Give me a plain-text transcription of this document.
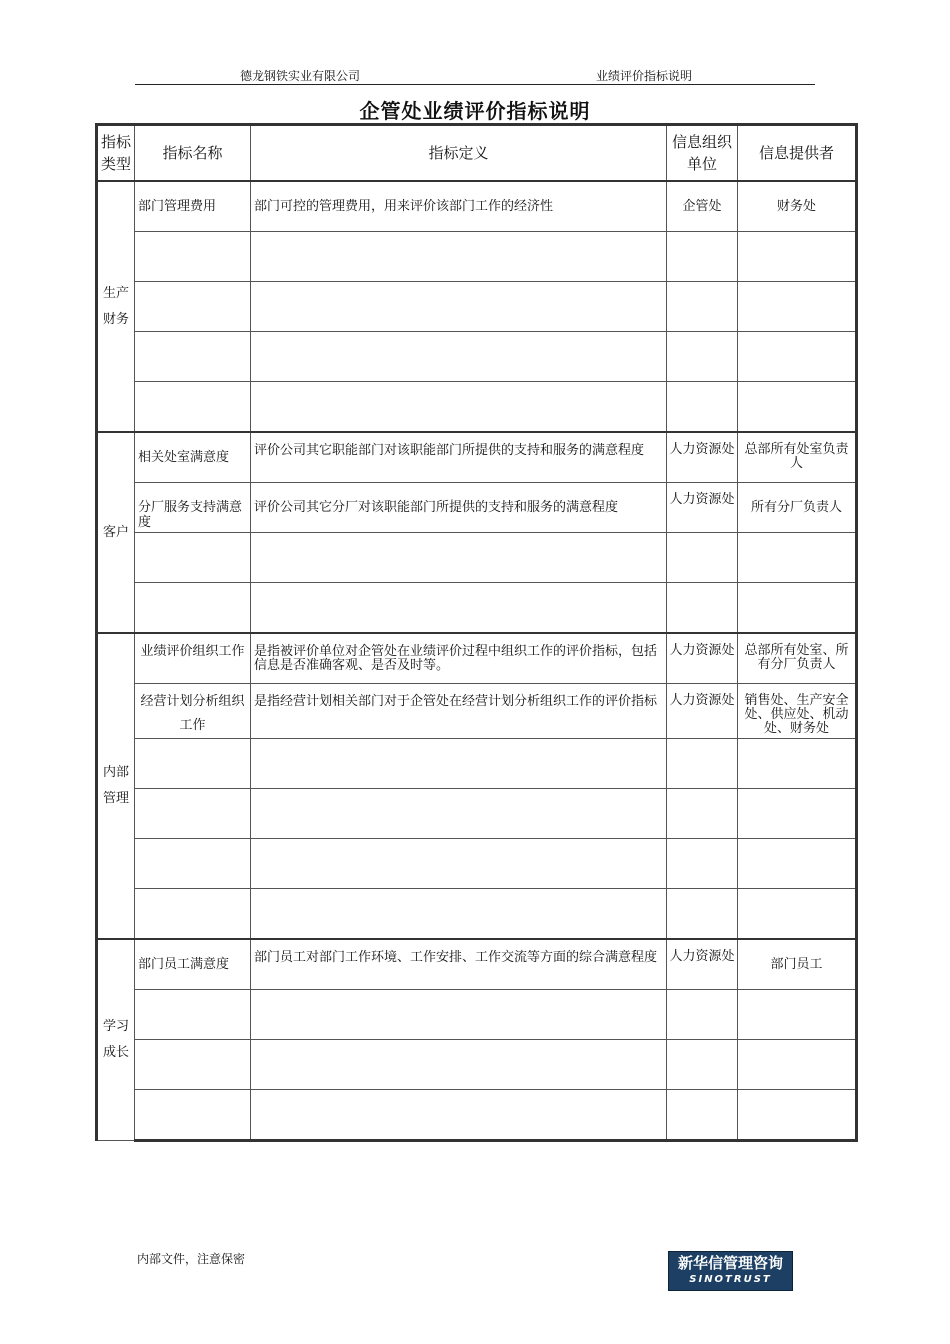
德龙钢铁实业有限公司	业绩评价指标说明
企管处业绩评价指标说明
指标类型	指标名称	指标定义	信息组织单位	信息提供者
生产财务	部门管理费用	部门可控的管理费用，用来评价该部门工作的经济性	企管处	财务处

客户	相关处室满意度	评价公司其它职能部门对该职能部门所提供的支持和服务的满意程度	人力资源处	总部所有处室负责人

	分厂服务支持满意度	评价公司其它分厂对该职能部门所提供的支持和服务的满意程度	人力资源处	所有分厂负责人

内部管理	业绩评价组织工作	是指被评价单位对企管处在业绩评价过程中组织工作的评价指标，包括信息是否准确客观、是否及时等。	人力资源处	总部所有处室、所有分厂负责人

	经营计划分析组织工作	是指经营计划相关部门对于企管处在经营计划分析组织工作的评价指标	人力资源处	销售处、生产安全处、供应处、机动处、财务处

学习成长	部门员工满意度	部门员工对部门工作环境、工作安排、工作交流等方面的综合满意程度	人力资源处	部门员工

内部文件，注意保密	新华信管理咨询
SINOTRUST
